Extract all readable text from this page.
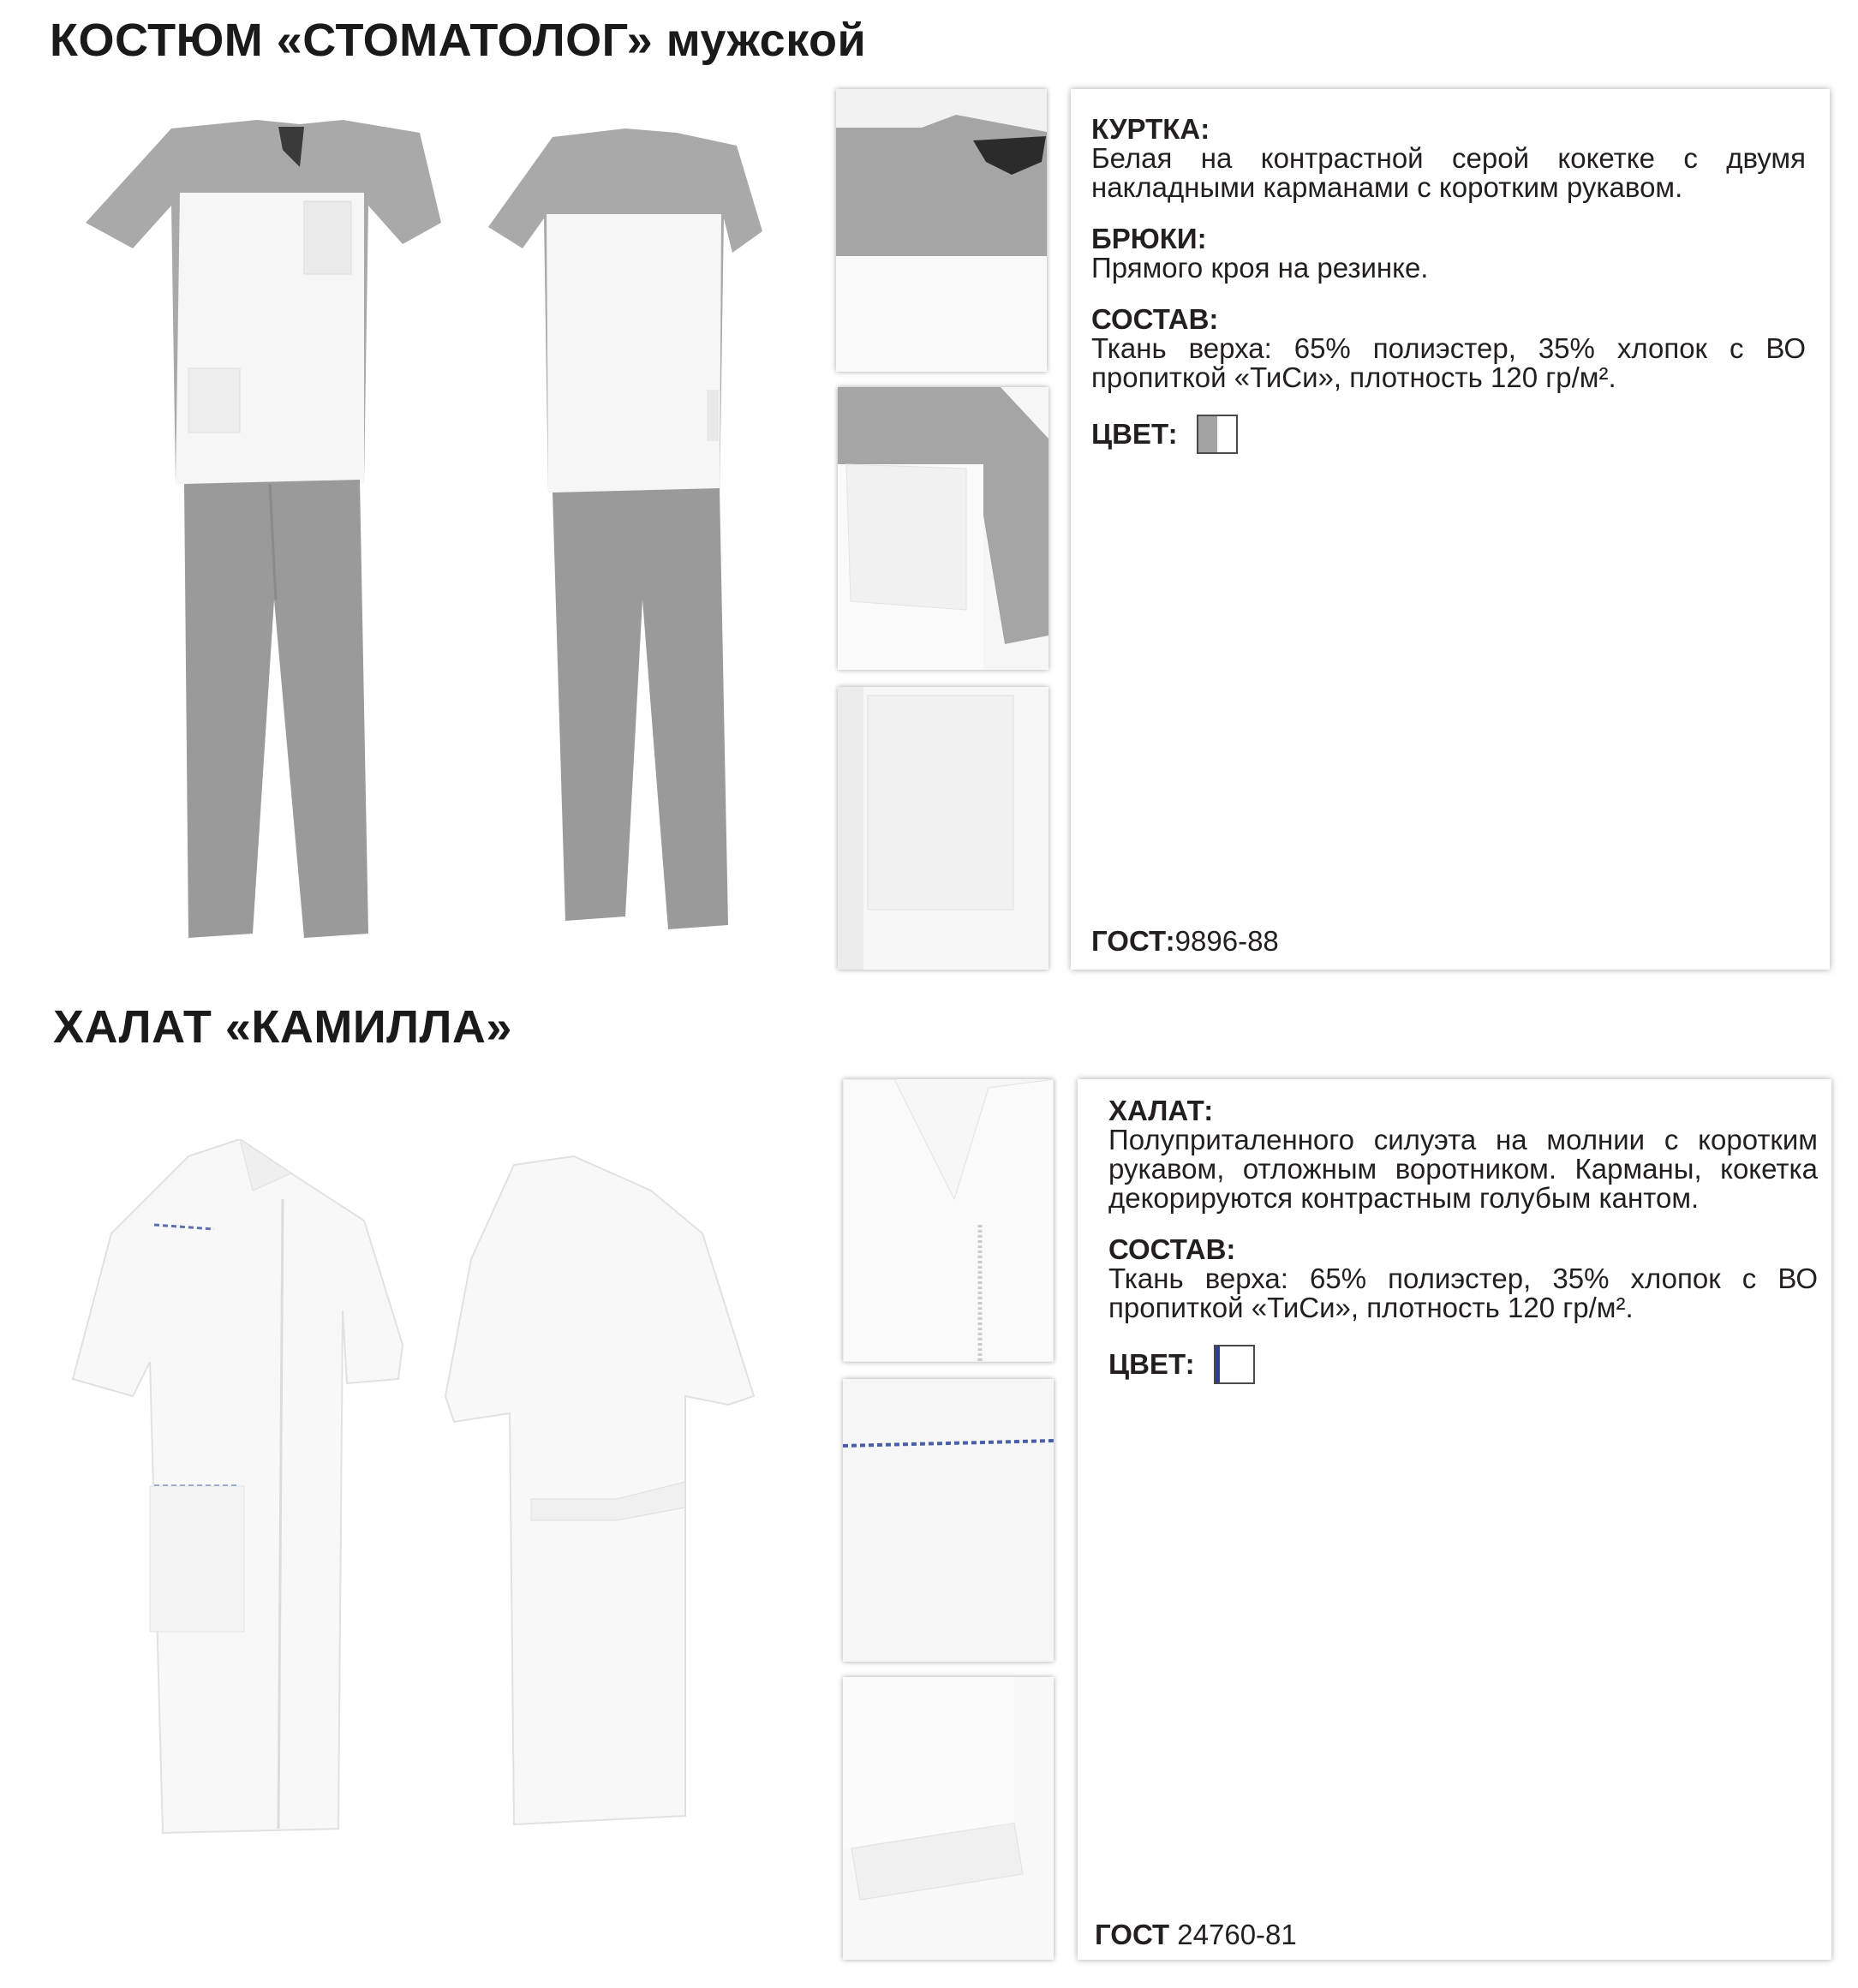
КОСТЮМ «СТОМАТОЛОГ» мужской
КУРТКА:
Белая на контрастной серой кокетке с двумя накладными карманами с коротким рукавом.
БРЮКИ:
Прямого кроя на резинке.
СОСТАВ:
Ткань верха: 65% полиэстер, 35% хлопок с ВО пропиткой «ТиСи», плотность 120 гр/м².
ЦВЕТ:
ГОСТ:9896-88
ХАЛАТ «КАМИЛЛА»
ХАЛАТ:
Полуприталенного силуэта на молнии с коротким рукавом, отложным воротником. Карманы, кокетка декорируются контрастным голубым кантом.
СОСТАВ:
Ткань верха: 65% полиэстер, 35% хлопок с ВО пропиткой «ТиСи», плотность 120 гр/м².
ЦВЕТ:
ГОСТ 24760-81
